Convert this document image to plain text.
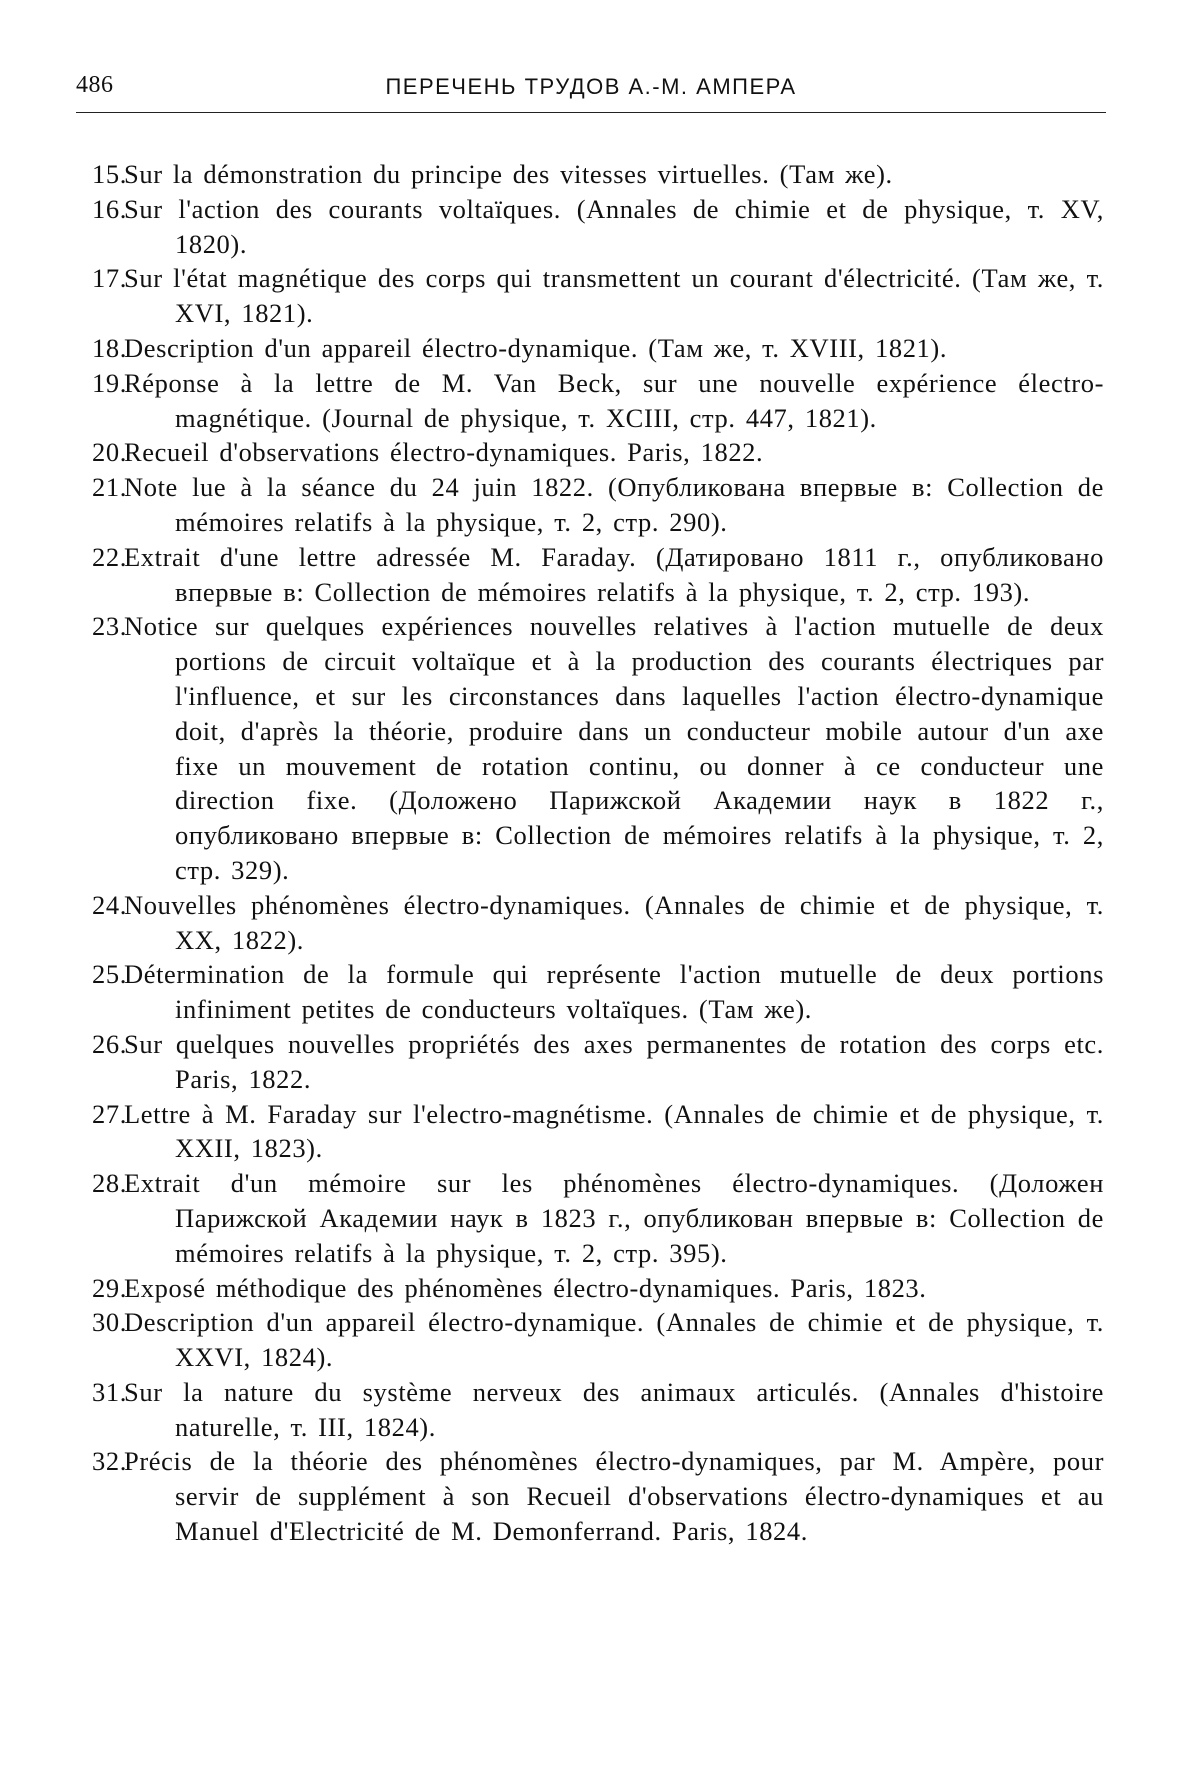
486	ПЕРЕЧЕНЬ ТРУДОВ А.-М. АМПЕРА
15.
Sur la démonstration du principe des vitesses virtuelles. (Там же).
16.
Sur l'action des courants voltaïques. (Annales de chimie et de physique, т. XV, 1820).
17.
Sur l'état magnétique des corps qui transmettent un courant d'électricité. (Там же, т. XVI, 1821).
18.
Description d'un appareil électro-dynamique. (Там же, т. XVIII, 1821).
19.
Réponse à la lettre de M. Van Beck, sur une nouvelle expérience électro-magnétique. (Journal de physique, т. XCIII, стр. 447, 1821).
20.
Recueil d'observations électro-dynamiques. Paris, 1822.
21.
Note lue à la séance du 24 juin 1822. (Опубликована впервые в: Collection de mémoires relatifs à la physique, т. 2, стр. 290).
22.
Extrait d'une lettre adressée M. Faraday. (Датировано 1811 г., опубликовано впервые в: Collection de mémoires relatifs à la physique, т. 2, стр. 193).
23.
Notice sur quelques expériences nouvelles relatives à l'action mutuelle de deux portions de circuit voltaïque et à la production des courants électriques par l'influence, et sur les circonstances dans laquelles l'action électro-dynamique doit, d'après la théorie, produire dans un conducteur mobile autour d'un axe fixe un mouvement de rotation continu, ou donner à ce conducteur une direction fixe. (Доложено Парижской Академии наук в 1822 г., опубликовано впервые в: Collection de mémoires relatifs à la physique, т. 2, стр. 329).
24.
Nouvelles phénomènes électro-dynamiques. (Annales de chimie et de physique, т. XX, 1822).
25.
Détermination de la formule qui représente l'action mutuelle de deux portions infiniment petites de conducteurs voltaïques. (Там же).
26.
Sur quelques nouvelles propriétés des axes permanentes de rotation des corps etc. Paris, 1822.
27.
Lettre à M. Faraday sur l'electro-magnétisme. (Annales de chimie et de physique, т. XXII, 1823).
28.
Extrait d'un mémoire sur les phénomènes électro-dynamiques. (Доложен Парижской Академии наук в 1823 г., опубликован впервые в: Collection de mémoires relatifs à la physique, т. 2, стр. 395).
29.
Exposé méthodique des phénomènes électro-dynamiques. Paris, 1823.
30.
Description d'un appareil électro-dynamique. (Annales de chimie et de physique, т. XXVI, 1824).
31.
Sur la nature du système nerveux des animaux articulés. (Annales d'histoire naturelle, т. III, 1824).
32.
Précis de la théorie des phénomènes électro-dynamiques, par M. Ampère, pour servir de supplément à son Recueil d'observations électro-dynamiques et au Manuel d'Electricité de M. Demonferrand. Paris, 1824.
